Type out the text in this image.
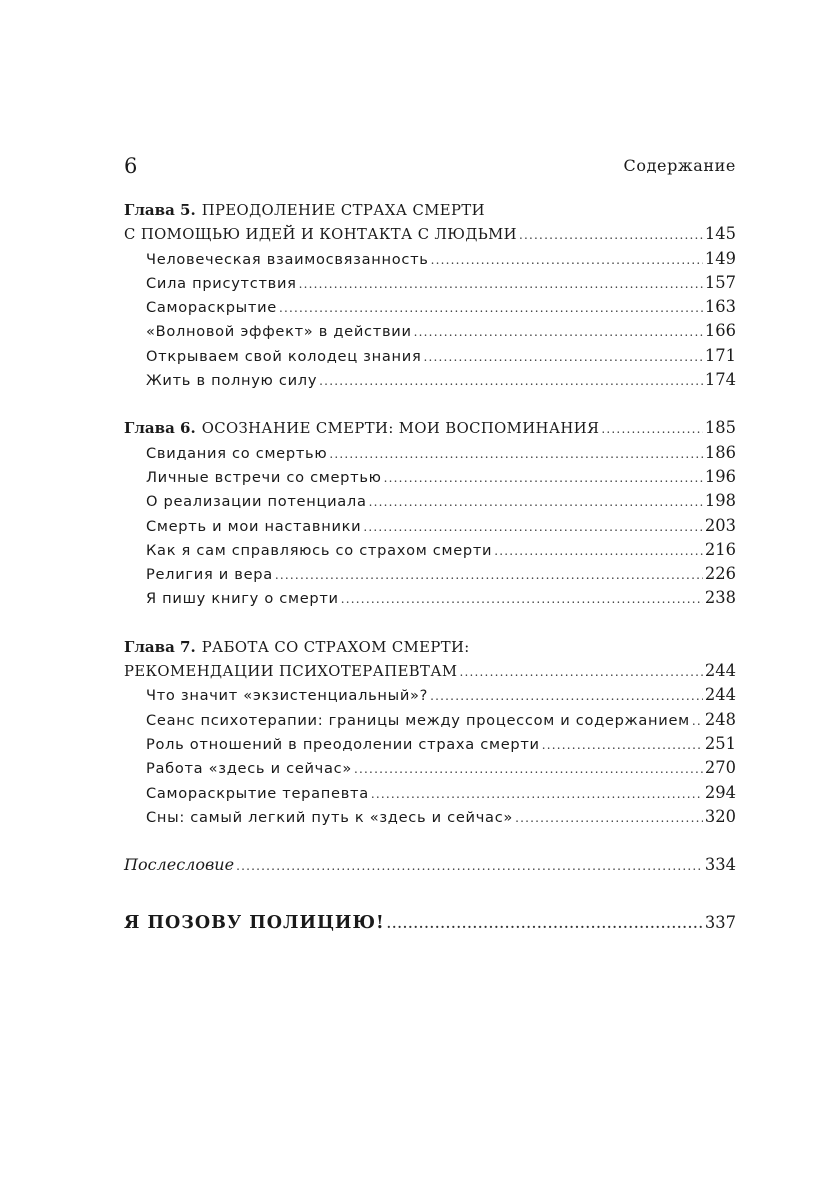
6	Содержание
Глава 5. ПРЕОДОЛЕНИЕ СТРАХА СМЕРТИ
С ПОМОЩЬЮ ИДЕЙ И КОНТАКТА С ЛЮДЬМИ .....	145
Человеческая взаимосвязанность .....	149
Сила присутствия .....	157
Самораскрытие .....	163
«Волновой эффект» в действии .....	166
Открываем свой колодец знания .....	171
Жить в полную силу .....	174
Глава 6. ОСОЗНАНИЕ СМЕРТИ: МОИ ВОСПОМИНАНИЯ .....	185
Свидания со смертью .....	186
Личные встречи со смертью .....	196
О реализации потенциала .....	198
Смерть и мои наставники .....	203
Как я сам справляюсь со страхом смерти .....	216
Религия и вера .....	226
Я пишу книгу о смерти .....	238
Глава 7. РАБОТА СО СТРАХОМ СМЕРТИ:
РЕКОМЕНДАЦИИ ПСИХОТЕРАПЕВТАМ .....	244
Что значит «экзистенциальный»? .....	244
Сеанс психотерапии: границы между процессом и содержанием ..... 248
Роль отношений в преодолении страха смерти .....	251
Работа «здесь и сейчас» .....	270
Самораскрытие терапевта .....	294
Сны: самый легкий путь к «здесь и сейчас» .....	320
Послесловие .....	334
Я ПОЗОВУ ПОЛИЦИЮ! .....	337
